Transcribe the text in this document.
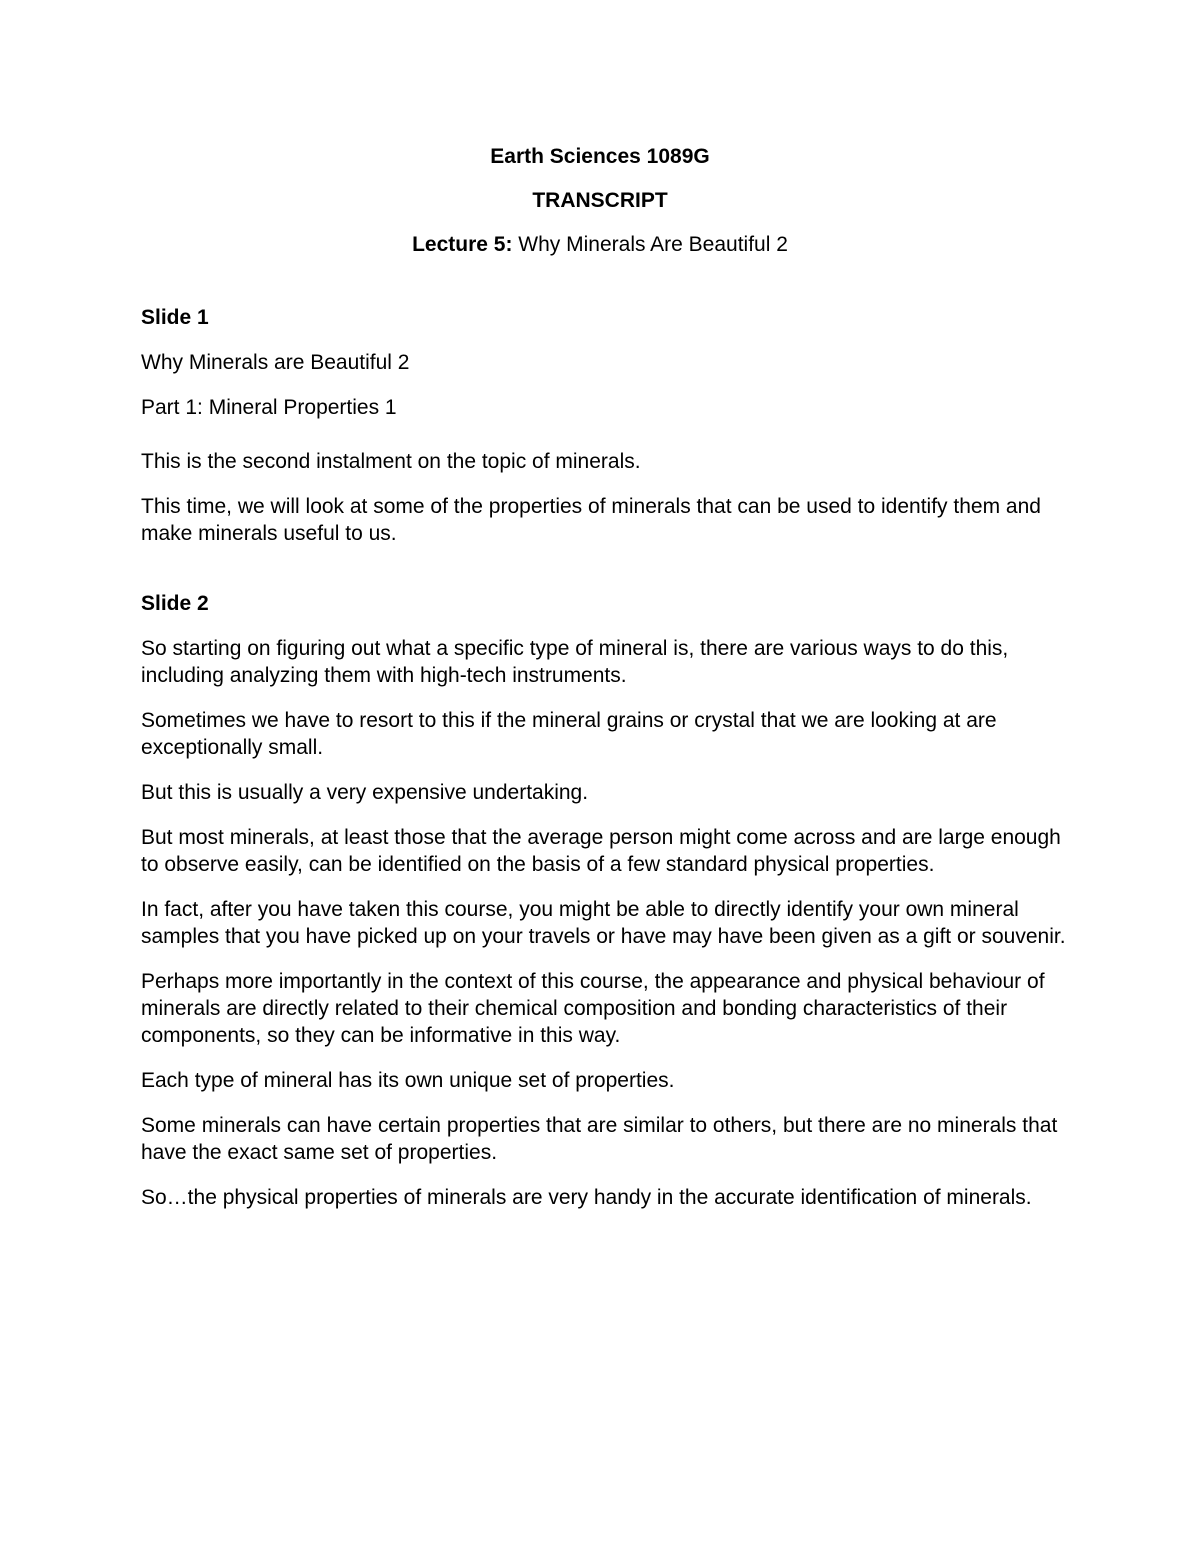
Earth Sciences 1089G
TRANSCRIPT
Lecture 5: Why Minerals Are Beautiful 2
Slide 1
Why Minerals are Beautiful 2
Part 1: Mineral Properties 1
This is the second instalment on the topic of minerals.
This time, we will look at some of the properties of minerals that can be used to identify them and make minerals useful to us.
Slide 2
So starting on figuring out what a specific type of mineral is, there are various ways to do this, including analyzing them with high-tech instruments.
Sometimes we have to resort to this if the mineral grains or crystal that we are looking at are exceptionally small.
But this is usually a very expensive undertaking.
But most minerals, at least those that the average person might come across and are large enough to observe easily, can be identified on the basis of a few standard physical properties.
In fact, after you have taken this course, you might be able to directly identify your own mineral samples that you have picked up on your travels or have may have been given as a gift or souvenir.
Perhaps more importantly in the context of this course, the appearance and physical behaviour of minerals are directly related to their chemical composition and bonding characteristics of their components, so they can be informative in this way.
Each type of mineral has its own unique set of properties.
Some minerals can have certain properties that are similar to others, but there are no minerals that have the exact same set of properties.
So…the physical properties of minerals are very handy in the accurate identification of minerals.
